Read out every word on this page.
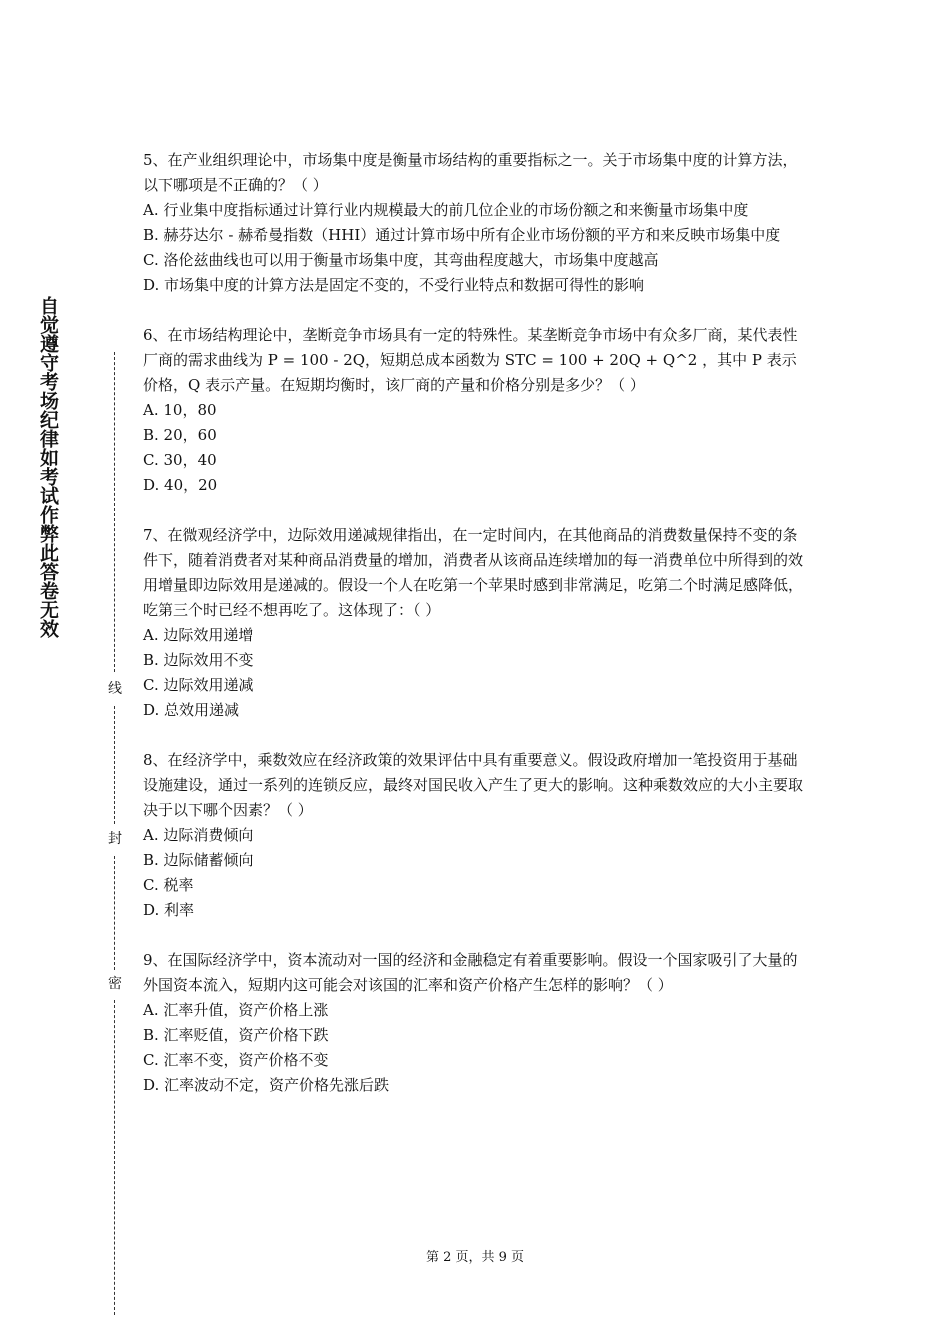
自觉遵守考场纪律如考试作弊此答卷无效
线
封
密

5、在产业组织理论中，市场集中度是衡量市场结构的重要指标之一。关于市场集中度的计算方法，以下哪项是不正确的？（ ）

A. 行业集中度指标通过计算行业内规模最大的前几位企业的市场份额之和来衡量市场集中度

B. 赫芬达尔 - 赫希曼指数（HHI）通过计算市场中所有企业市场份额的平方和来反映市场集中度

C. 洛伦兹曲线也可以用于衡量市场集中度，其弯曲程度越大，市场集中度越高

D. 市场集中度的计算方法是固定不变的，不受行业特点和数据可得性的影响

6、在市场结构理论中，垄断竞争市场具有一定的特殊性。某垄断竞争市场中有众多厂商，某代表性厂商的需求曲线为 P = 100 - 2Q，短期总成本函数为 STC = 100 + 20Q + Q^2 ，其中 P 表示价格，Q 表示产量。在短期均衡时，该厂商的产量和价格分别是多少？（ ）

A. 10，80

B. 20，60

C. 30，40

D. 40，20

7、在微观经济学中，边际效用递减规律指出，在一定时间内，在其他商品的消费数量保持不变的条件下，随着消费者对某种商品消费量的增加，消费者从该商品连续增加的每一消费单位中所得到的效用增量即边际效用是递减的。假设一个人在吃第一个苹果时感到非常满足，吃第二个时满足感降低，吃第三个时已经不想再吃了。这体现了：（ ）

A. 边际效用递增

B. 边际效用不变

C. 边际效用递减

D. 总效用递减

8、在经济学中，乘数效应在经济政策的效果评估中具有重要意义。假设政府增加一笔投资用于基础设施建设，通过一系列的连锁反应，最终对国民收入产生了更大的影响。这种乘数效应的大小主要取决于以下哪个因素？（ ）

A. 边际消费倾向

B. 边际储蓄倾向

C. 税率

D. 利率

9、在国际经济学中，资本流动对一国的经济和金融稳定有着重要影响。假设一个国家吸引了大量的外国资本流入，短期内这可能会对该国的汇率和资产价格产生怎样的影响？（ ）

A. 汇率升值，资产价格上涨

B. 汇率贬值，资产价格下跌

C. 汇率不变，资产价格不变

D. 汇率波动不定，资产价格先涨后跌

第 2 页，共 9 页
